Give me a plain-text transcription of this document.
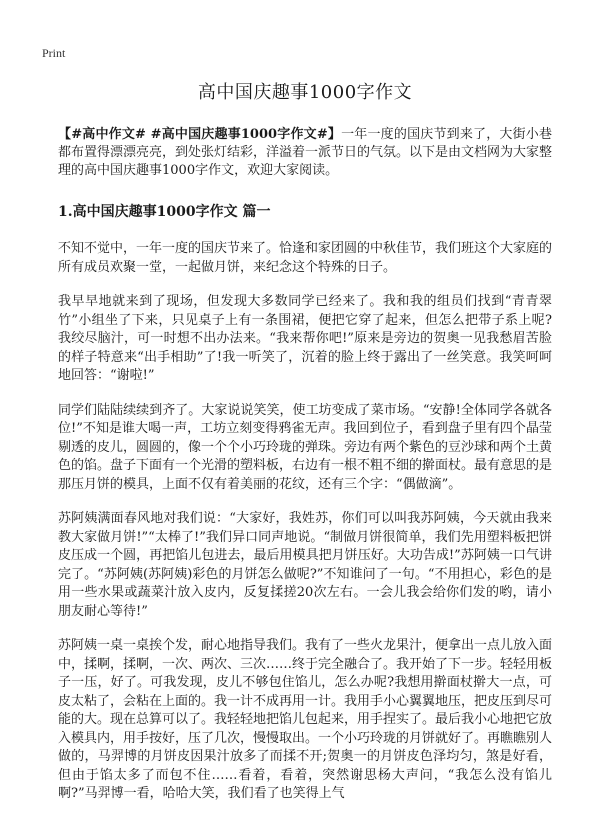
Print
高中国庆趣事1000字作文

【#高中作文# #高中国庆趣事1000字作文#】一年一度的国庆节到来了，大街小巷都布置得漂漂亮亮，到处张灯结彩，洋溢着一派节日的气氛。以下是由文档网为大家整理的高中国庆趣事1000字作文，欢迎大家阅读。

1.高中国庆趣事1000字作文 篇一

不知不觉中，一年一度的国庆节来了。恰逢和家团圆的中秋佳节，我们班这个大家庭的所有成员欢聚一堂，一起做月饼，来纪念这个特殊的日子。

我早早地就来到了现场，但发现大多数同学已经来了。我和我的组员们找到“青青翠竹”小组坐了下来，只见桌子上有一条围裙，便把它穿了起来，但怎么把带子系上呢?我绞尽脑汁，可一时想不出办法来。“我来帮你吧!”原来是旁边的贺奥一见我愁眉苦脸的样子特意来“出手相助”了!我一听笑了，沉着的脸上终于露出了一丝笑意。我笑呵呵地回答：“谢啦!”

同学们陆陆续续到齐了。大家说说笑笑，使工坊变成了菜市场。“安静!全体同学各就各位!”不知是谁大喝一声，工坊立刻变得鸦雀无声。我回到位子，看到盘子里有四个晶莹剔透的皮儿，圆圆的，像一个个小巧玲珑的弹珠。旁边有两个紫色的豆沙球和两个土黄色的馅。盘子下面有一个光滑的塑料板，右边有一根不粗不细的擀面杖。最有意思的是那压月饼的模具，上面不仅有着美丽的花纹，还有三个字：“偶做滴”。

苏阿姨满面春风地对我们说：“大家好，我姓苏，你们可以叫我苏阿姨，今天就由我来教大家做月饼!”“太棒了!”我们异口同声地说。“制做月饼很简单，我们先用塑料板把饼皮压成一个圆，再把馅儿包进去，最后用模具把月饼压好。大功告成!”苏阿姨一口气讲完了。“苏阿姨(苏阿姨)彩色的月饼怎么做呢?”不知谁问了一句。“不用担心，彩色的是用一些水果或蔬菜汁放入皮内，反复揉搓20次左右。一会儿我会给你们发的哟，请小朋友耐心等待!”

苏阿姨一桌一桌挨个发，耐心地指导我们。我有了一些火龙果汁，便拿出一点儿放入面中，揉啊，揉啊，一次、两次、三次……终于完全融合了。我开始了下一步。轻轻用板子一压，好了。可我发现，皮儿不够包住馅儿，怎么办呢?我想用擀面杖擀大一点，可皮太粘了，会粘在上面的。我一计不成再用一计。我用手小心翼翼地压，把皮压到尽可能的大。现在总算可以了。我轻轻地把馅儿包起来，用手捏实了。最后我小心地把它放入模具内，用手按好，压了几次，慢慢取出。一个小巧玲珑的月饼就好了。再瞧瞧别人做的，马羿博的月饼皮因果汁放多了而揉不开;贺奥一的月饼皮色泽均匀，煞是好看，但由于馅太多了而包不住……看着，看着，突然谢思杨大声问，“我怎么没有馅儿啊?”马羿博一看，哈哈大笑，我们看了也笑得上气
